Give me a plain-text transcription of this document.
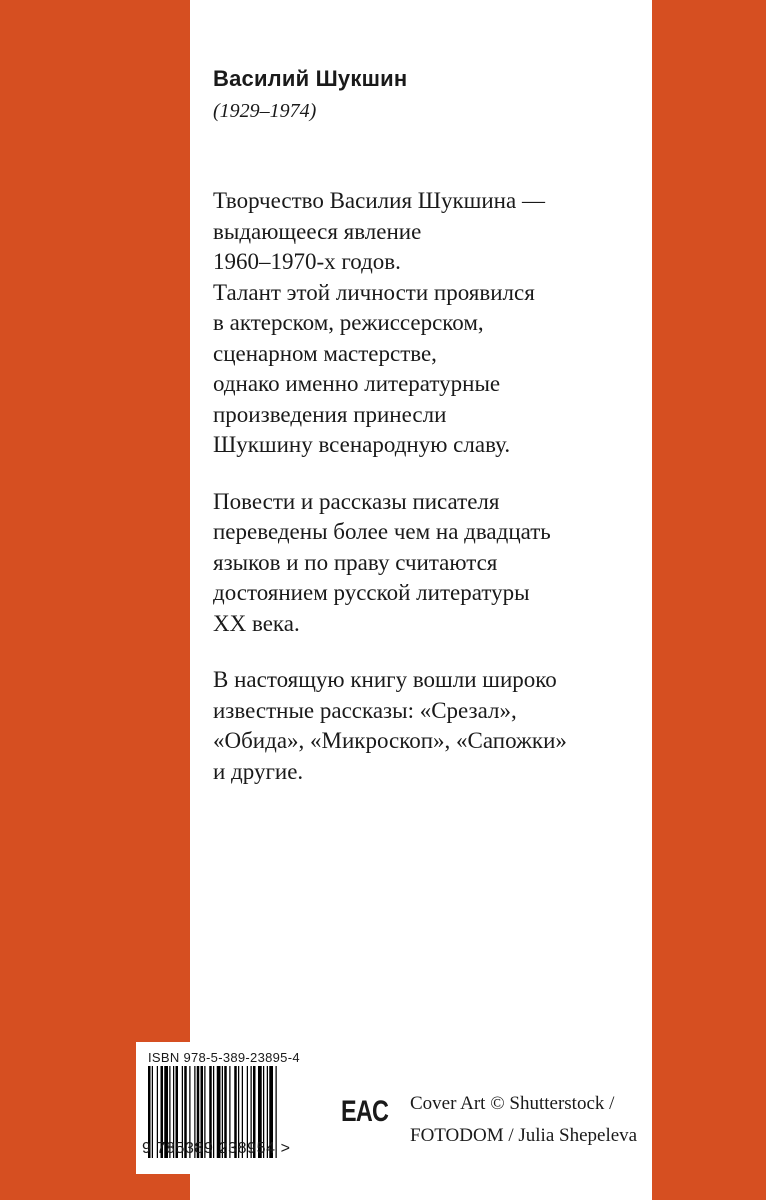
Василий Шукшин
(1929–1974)

Творчество Василия Шукшина —
выдающееся явление
1960–1970-х годов.
Талант этой личности проявился
в актерском, режиссерском,
сценарном мастерстве,
однако именно литературные
произведения принесли
Шукшину всенародную славу.

Повести и рассказы писателя
переведены более чем на двадцать
языков и по праву считаются
достоянием русской литературы
XX века.

В настоящую книгу вошли широко
известные рассказы: «Срезал»,
«Обида», «Микроскоп», «Сапожки»
и другие.

ISBN 978-5-389-23895-4
9 785389 238954 >
EAC Cover Art © Shutterstock /
FOTODOM / Julia Shepeleva
